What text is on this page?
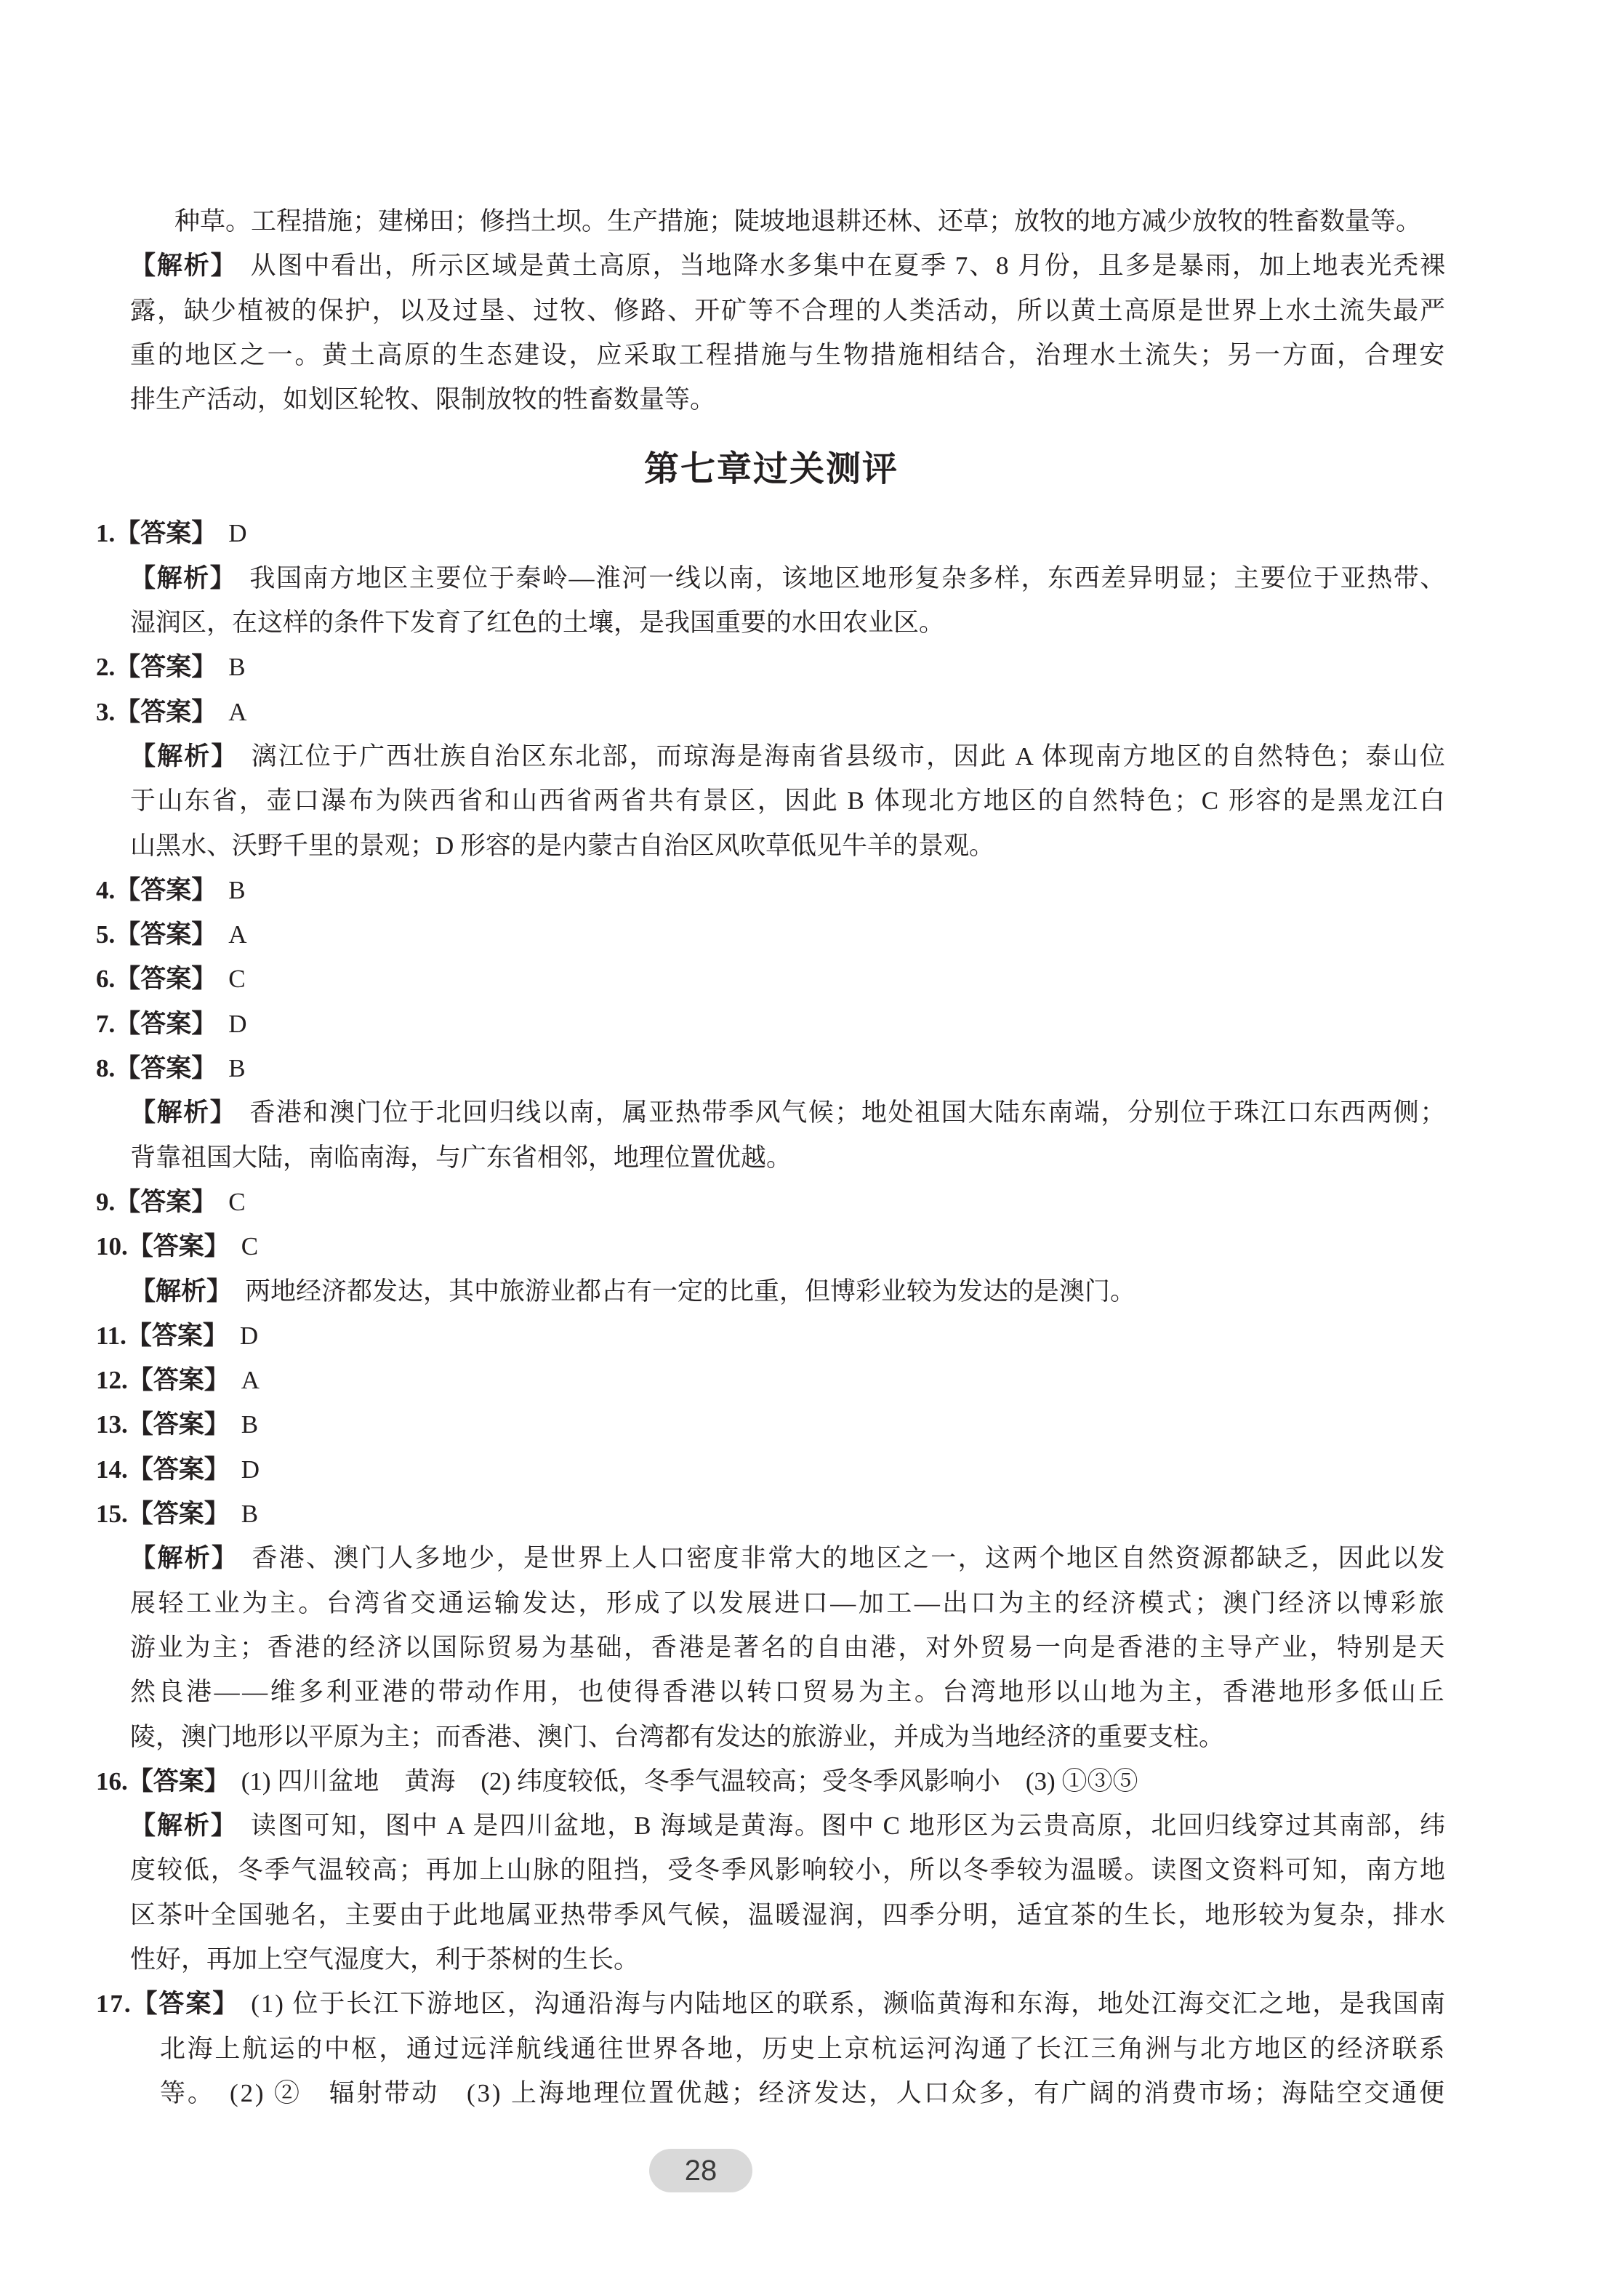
种草。工程措施；建梯田；修挡土坝。生产措施；陡坡地退耕还林、还草；放牧的地方减少放牧的牲畜数量等。
【解析】 从图中看出，所示区域是黄土高原，当地降水多集中在夏季 7、8 月份，且多是暴雨，加上地表光秃裸
露，缺少植被的保护，以及过垦、过牧、修路、开矿等不合理的人类活动，所以黄土高原是世界上水土流失最严
重的地区之一。黄土高原的生态建设，应采取工程措施与生物措施相结合，治理水土流失；另一方面，合理安
排生产活动，如划区轮牧、限制放牧的牲畜数量等。
第七章过关测评
1.【答案】 D
【解析】 我国南方地区主要位于秦岭—淮河一线以南，该地区地形复杂多样，东西差异明显；主要位于亚热带、
湿润区，在这样的条件下发育了红色的土壤，是我国重要的水田农业区。
2.【答案】 B
3.【答案】 A
【解析】 漓江位于广西壮族自治区东北部，而琼海是海南省县级市，因此 A 体现南方地区的自然特色；泰山位
于山东省，壶口瀑布为陕西省和山西省两省共有景区，因此 B 体现北方地区的自然特色；C 形容的是黑龙江白
山黑水、沃野千里的景观；D 形容的是内蒙古自治区风吹草低见牛羊的景观。
4.【答案】 B
5.【答案】 A
6.【答案】 C
7.【答案】 D
8.【答案】 B
【解析】 香港和澳门位于北回归线以南，属亚热带季风气候；地处祖国大陆东南端，分别位于珠江口东西两侧；
背靠祖国大陆，南临南海，与广东省相邻，地理位置优越。
9.【答案】 C
10.【答案】 C
【解析】 两地经济都发达，其中旅游业都占有一定的比重，但博彩业较为发达的是澳门。
11.【答案】 D
12.【答案】 A
13.【答案】 B
14.【答案】 D
15.【答案】 B
【解析】 香港、澳门人多地少，是世界上人口密度非常大的地区之一，这两个地区自然资源都缺乏，因此以发
展轻工业为主。台湾省交通运输发达，形成了以发展进口—加工—出口为主的经济模式；澳门经济以博彩旅
游业为主；香港的经济以国际贸易为基础，香港是著名的自由港，对外贸易一向是香港的主导产业，特别是天
然良港——维多利亚港的带动作用，也使得香港以转口贸易为主。台湾地形以山地为主，香港地形多低山丘
陵，澳门地形以平原为主；而香港、澳门、台湾都有发达的旅游业，并成为当地经济的重要支柱。
16.【答案】 (1) 四川盆地　黄海　(2) 纬度较低，冬季气温较高；受冬季风影响小　(3) ①③⑤
【解析】 读图可知，图中 A 是四川盆地，B 海域是黄海。图中 C 地形区为云贵高原，北回归线穿过其南部，纬
度较低，冬季气温较高；再加上山脉的阻挡，受冬季风影响较小，所以冬季较为温暖。读图文资料可知，南方地
区茶叶全国驰名，主要由于此地属亚热带季风气候，温暖湿润，四季分明，适宜茶的生长，地形较为复杂，排水
性好，再加上空气湿度大，利于茶树的生长。
17.【答案】 (1) 位于长江下游地区，沟通沿海与内陆地区的联系，濒临黄海和东海，地处江海交汇之地，是我国南
北海上航运的中枢，通过远洋航线通往世界各地，历史上京杭运河沟通了长江三角洲与北方地区的经济联系
等。　(2) ②　辐射带动　(3) 上海地理位置优越；经济发达，人口众多，有广阔的消费市场；海陆空交通便
28
